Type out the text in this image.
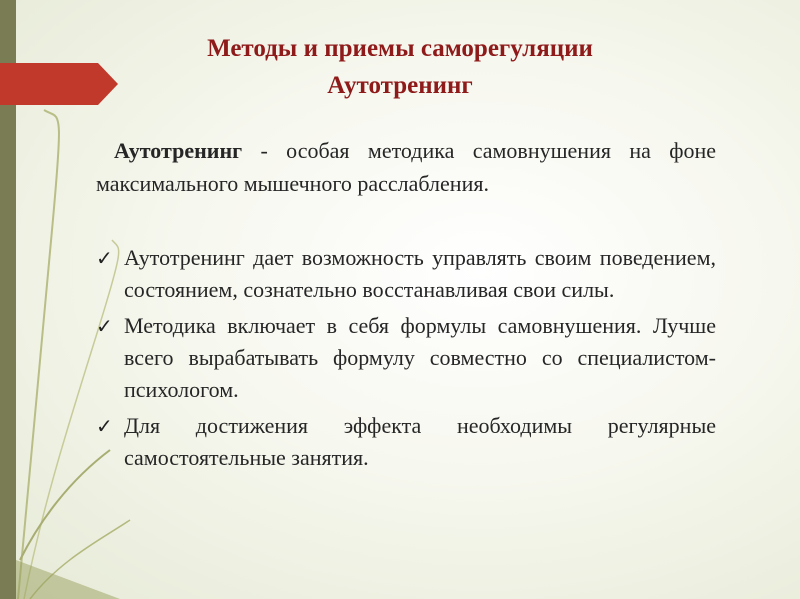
Методы и приемы саморегуляции
Аутотренинг
Аутотренинг - особая методика самовнушения на фоне максимального мышечного расслабления.
✓ Аутотренинг дает возможность управлять своим поведением, состоянием, сознательно восстанавливая свои силы.
✓ Методика включает в себя формулы самовнушения. Лучше всего вырабатывать формулу совместно со специалистом-психологом.
✓ Для достижения эффекта необходимы регулярные самостоятельные занятия.
